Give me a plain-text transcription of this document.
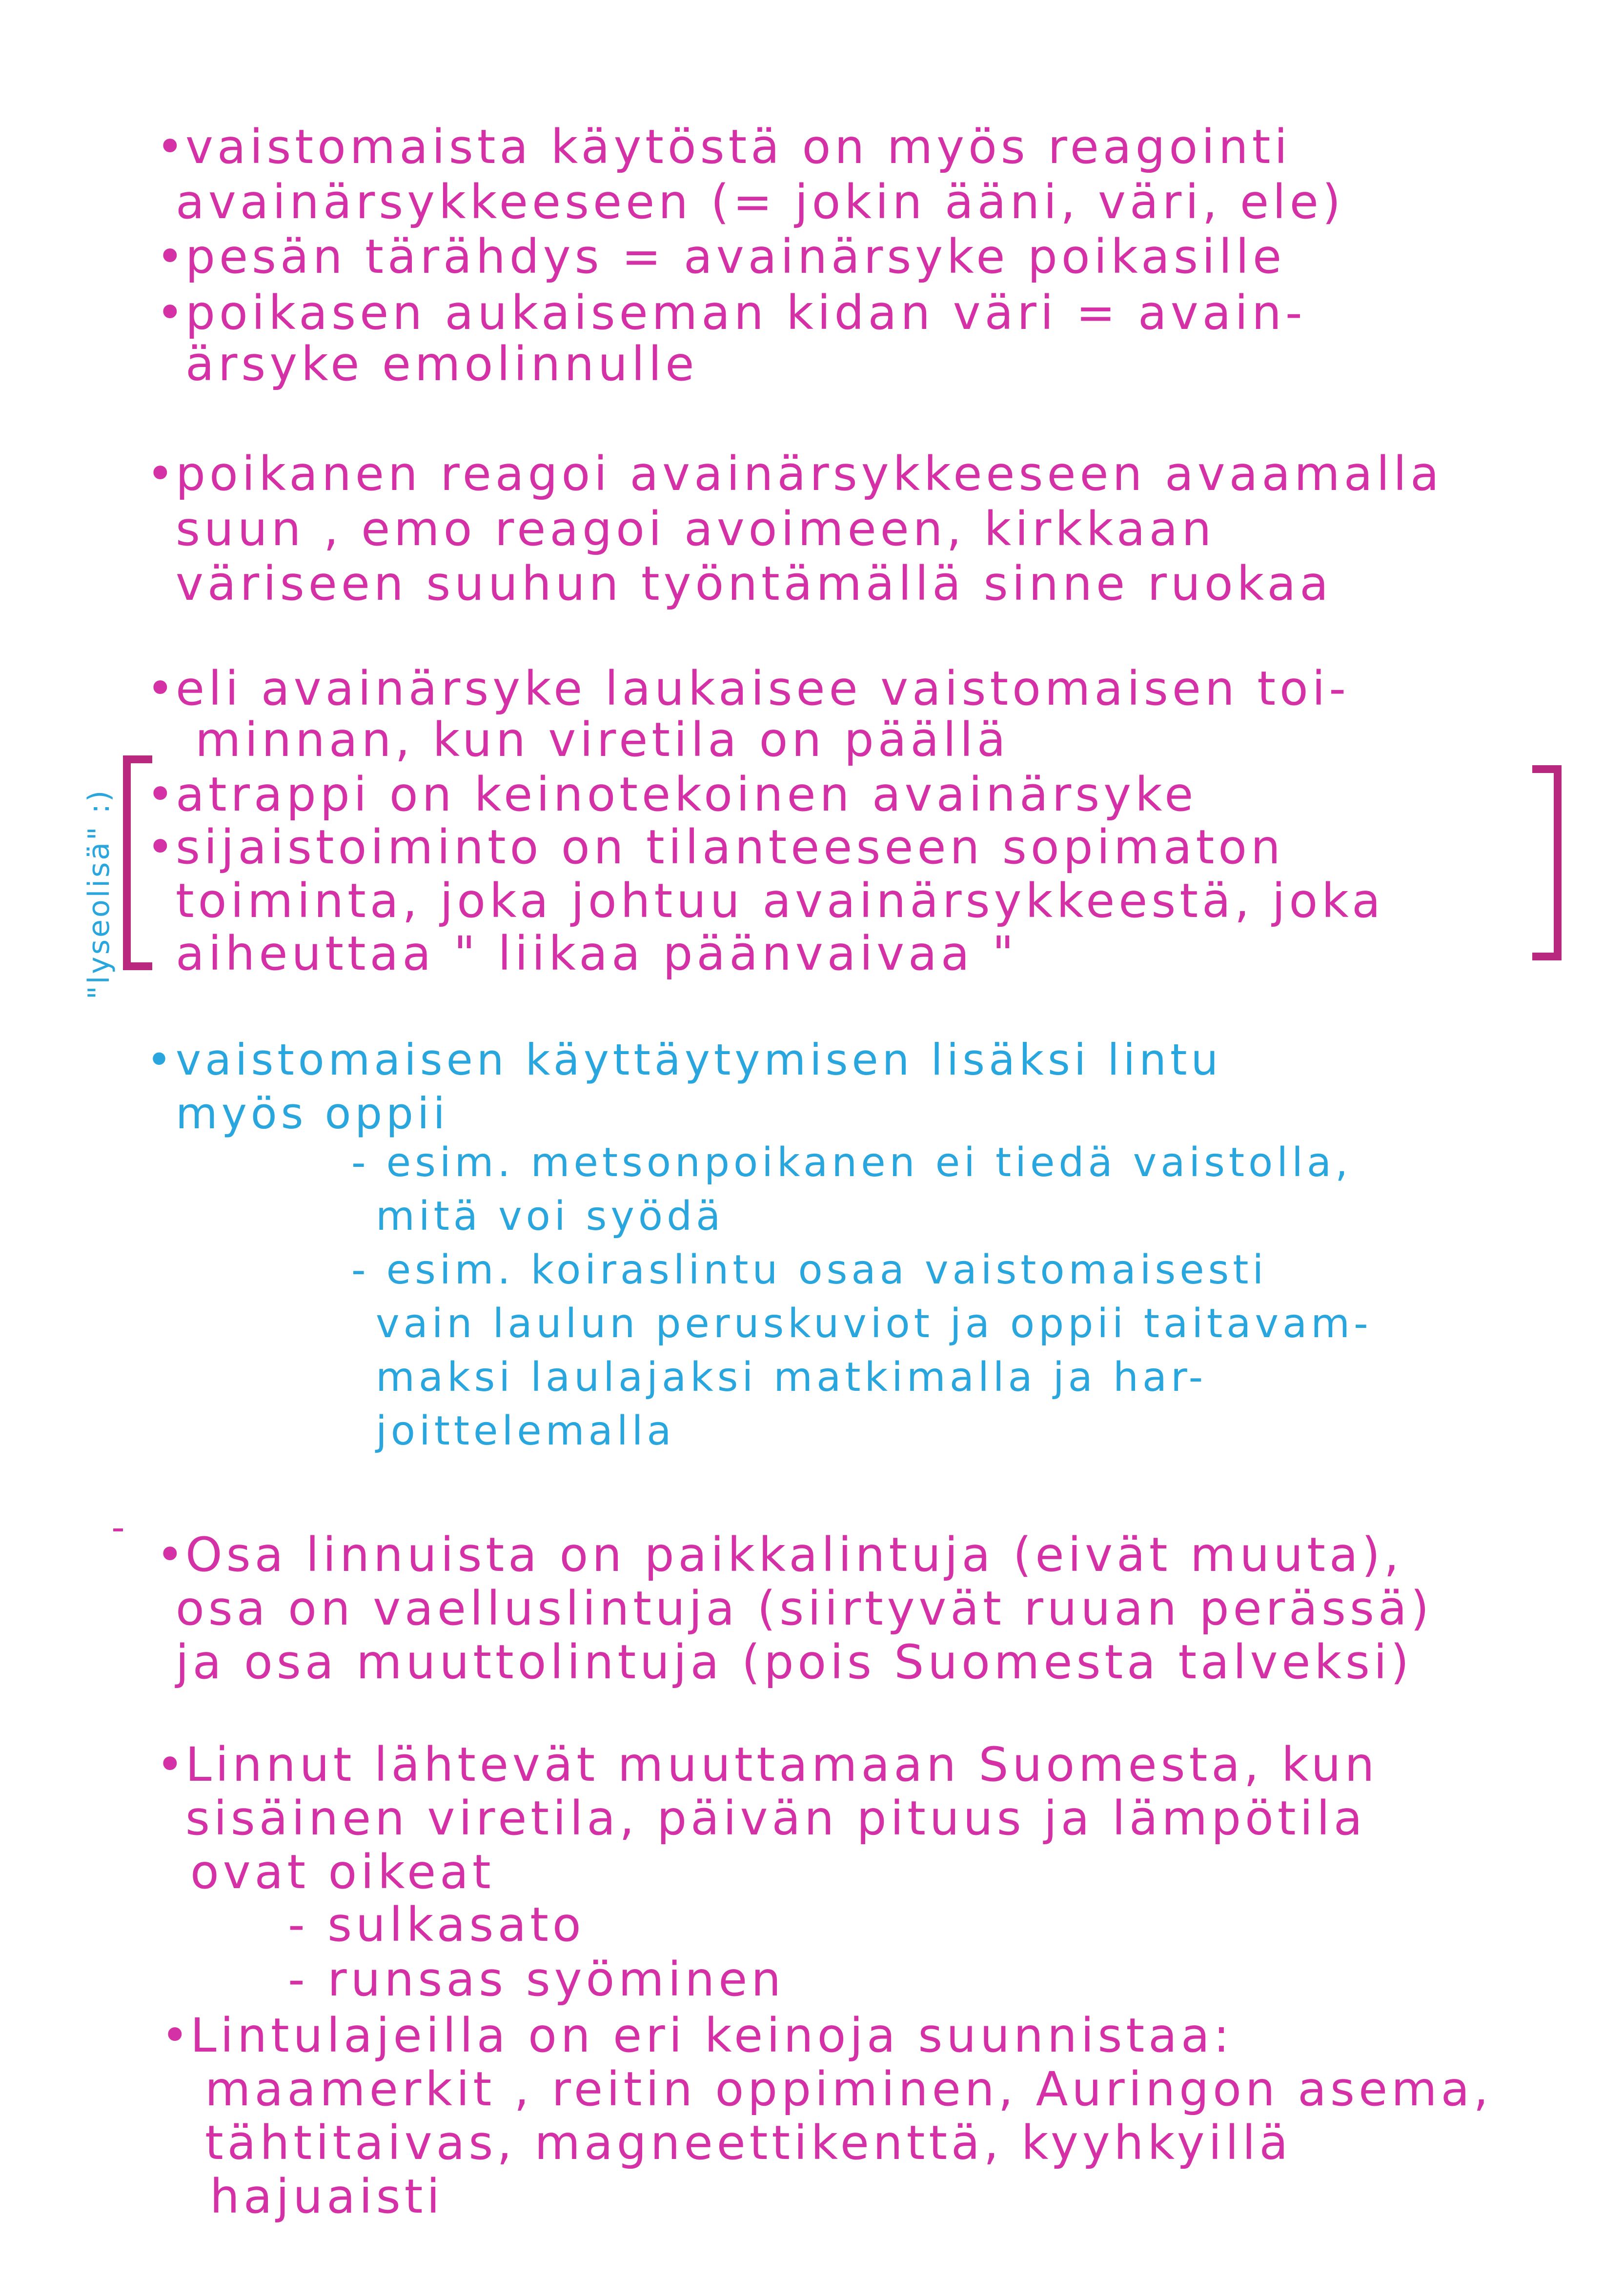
•vaistomaista käytöstä on myös reagointi
avainärsykkeeseen (= jokin ääni, väri, ele)
•pesän tärähdys = avainärsyke poikasille
•poikasen aukaiseman kidan väri = avain-
ärsyke emolinnulle
•poikanen reagoi avainärsykkeeseen avaamalla
suun , emo reagoi avoimeen, kirkkaan
väriseen suuhun työntämällä sinne ruokaa
•eli avainärsyke laukaisee vaistomaisen toi-
minnan, kun viretila on päällä
•atrappi on keinotekoinen avainärsyke
•sijaistoiminto on tilanteeseen sopimaton
toiminta, joka johtuu avainärsykkeestä, joka
aiheuttaa " liikaa päänvaivaa "
"lyseolisä" :)
•vaistomaisen käyttäytymisen lisäksi lintu
myös oppii
- esim. metsonpoikanen ei tiedä vaistolla,
mitä voi syödä
- esim. koiraslintu osaa vaistomaisesti
vain laulun peruskuviot ja oppii taitavam-
maksi laulajaksi matkimalla ja har-
joittelemalla
•Osa linnuista on paikkalintuja (eivät muuta),
osa on vaelluslintuja (siirtyvät ruuan perässä)
ja osa muuttolintuja (pois Suomesta talveksi)
•Linnut lähtevät muuttamaan Suomesta, kun
sisäinen viretila, päivän pituus ja lämpötila
ovat oikeat
- sulkasato
- runsas syöminen
•Lintulajeilla on eri keinoja suunnistaa:
maamerkit , reitin oppiminen, Auringon asema,
tähtitaivas, magneettikenttä, kyyhkyillä
hajuaisti
